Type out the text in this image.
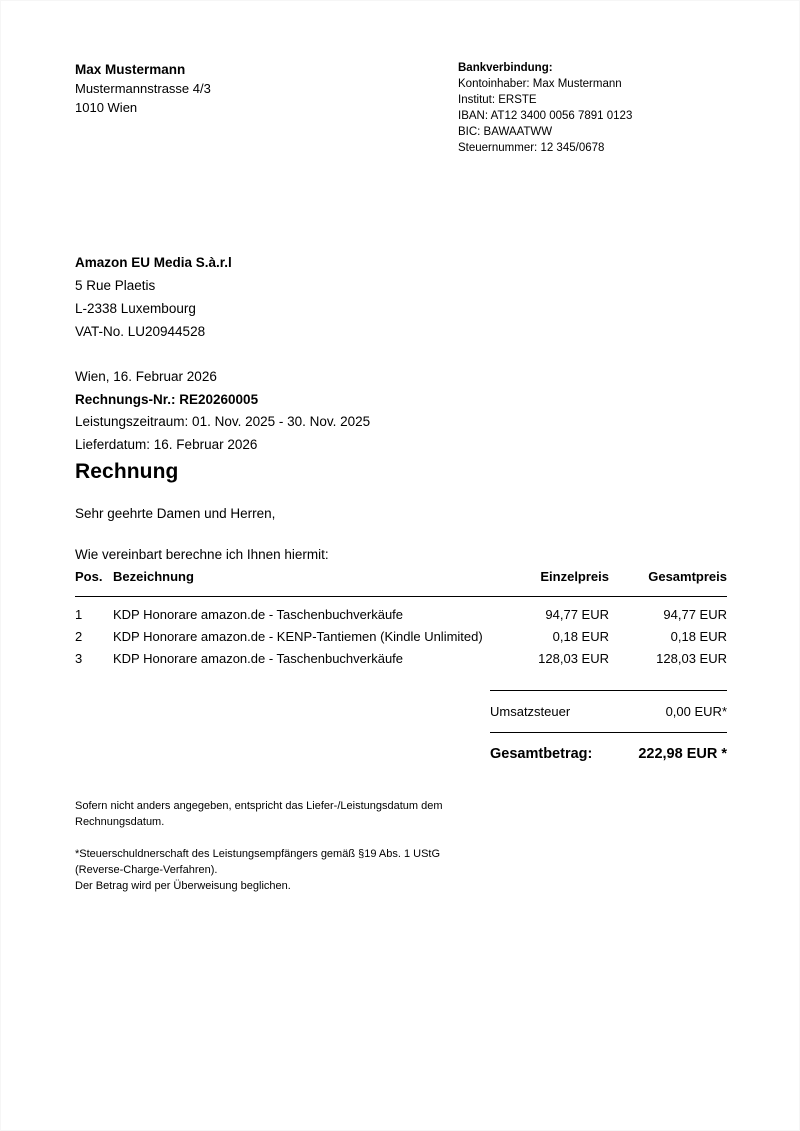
Max Mustermann
Mustermannstrasse 4/3
1010 Wien
Bankverbindung:
Kontoinhaber: Max Mustermann
Institut: ERSTE
IBAN: AT12 3400 0056 7891 0123
BIC: BAWAATWW
Steuernummer: 12 345/0678
Amazon EU Media S.à.r.l
5 Rue Plaetis
L-2338 Luxembourg
VAT-No. LU20944528
Wien, 16. Februar 2026
Rechnungs-Nr.: RE20260005
Leistungszeitraum: 01. Nov. 2025 - 30. Nov. 2025
Lieferdatum: 16. Februar 2026
Rechnung
Sehr geehrte Damen und Herren,
Wie vereinbart berechne ich Ihnen hiermit:
Pos.	Bezeichnung	Einzelpreis	Gesamtpreis
1	KDP Honorare amazon.de - Taschenbuchverkäufe	94,77 EUR	94,77 EUR
2	KDP Honorare amazon.de - KENP-Tantiemen (Kindle Unlimited)	0,18 EUR	0,18 EUR
3	KDP Honorare amazon.de - Taschenbuchverkäufe	128,03 EUR	128,03 EUR
Umsatzsteuer	0,00 EUR*
Gesamtbetrag:	222,98 EUR *
Sofern nicht anders angegeben, entspricht das Liefer-/Leistungsdatum dem
Rechnungsdatum.
*Steuerschuldnerschaft des Leistungsempfängers gemäß §19 Abs. 1 UStG
(Reverse-Charge-Verfahren).
Der Betrag wird per Überweisung beglichen.
